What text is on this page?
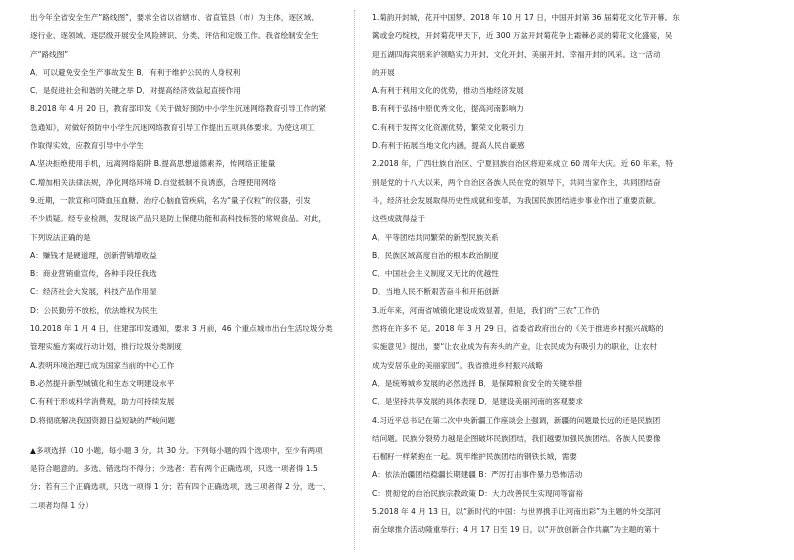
出今年全省安全生产“路线图”，要求全省以省辖市、省直管县（市）为主体，逐区域、
逐行业、逐领域、逐层级开展安全风险辨识、分类、评估和定级工作。我省绘制安全生
产“路线图”
A．可以避免安全生产事故发生 B．有利于维护公民的人身权利
C．是促进社会和谐的关键之举 D．对提高经济效益起直接作用
8.2018 年 4 月 20 日，教育部印发《关于做好预防中小学生沉迷网络教育引导工作的紧
急通知》，对做好预防中小学生沉迷网络教育引导工作提出五项具体要求。为使这项工
作取得实效，应教育引导中小学生
A.坚决拒绝使用手机，远离网络陷阱 B.提高思想道德素养，传网络正能量
C.增加相关法律法规，净化网络环境 D.自觉抵制不良诱惑，合理使用网络
9.近期，一款宣称可降血压血糖、治疗心脑血管疾病，名为“量子仪粒”的仪器，引发
不少质疑。经专业检测，发现该产品只是防上保健功能和高科技标签的常规食品。对此，
下列说法正确的是
A：赚钱才是硬道理，创新营销增收益
B：商业营销重宣传，各种手段任我选
C：经济社会大发展，科技产品作用显
D：公民勤劳不放松，依法维权为民生
10.2018 年 1 月 4 日，住建部印发通知，要求 3 月前，46 个重点城市出台生活垃圾分类
管理实施方案或行动计划，推行垃圾分类制度
A.表明环境治理已成为国家当前的中心工作
B.必然提升新型城镇化和生态文明建设水平
C.有利于形成科学消费观，助力可持续发展
D.将彻底解决我国资源日益短缺的严峻问题
▲多项选择（10 小题，每小题 3 分，共 30 分。下列每小题的四个选项中，至少有两项
是符合题意的。多选、错选均不得分；少选者：若有两个正确选项，只选一项者得 1.5
分；若有三个正确选项，只选一项得 1 分；若有四个正确选项，选三项者得 2 分，选一、
二项者均得 1 分）
1.菊韵开封城，花开中国梦。2018 年 10 月 17 日，中国开封第 36 届菊花文化节开幕。东
篱或金巧绽枝，开封菊花甲天下，近 300 万盆开封菊花争上霜棘必灵的菊花文化盛宴，吴
迎五湖四海宾朋来沪领略实力开封、文化开封、美丽开封、幸福开封的风采。这一活动
的开展
A.有利于利用文化的优势，推动当地经济发展
B.有利于弘扬中原优秀文化，提高河南影响力
C.有利于发挥文化资源优势，繁荣文化吸引力
D.有利于拓展当地文化内涵，提高人民自豪感
2.2018 年，广西壮族自治区、宁夏回族自治区将迎来成立 60 周年大庆。近 60 年来，特
别是党的十八大以来，两个自治区各族人民在党的领导下，共同当家作主，共同团结奋
斗，经济社会发展取得历史性成就和变革，为我国民族团结进步事业作出了重要贡献。
这些成就得益于
A．平等团结共同繁荣的新型民族关系
B．民族区域高度自治的根本政治制度
C．中国社会主义制度又无比的优越性
D．当地人民不断艰苦奋斗和开拓创新
3.近年来，河南省城镇化建设成效显著，但是，我们的“三农”工作仍
然将在许多不 足。2018 年 3 月 29 日，省委省政府出台的《关于推进乡村振兴战略的
实施意见》提出，要“让农业成为有奔头的产业，让农民成为有吸引力的职业，让农村
成为安居乐业的美丽家园”。我省推进乡村振兴战略
A．是统筹城乡发展的必然选择 B．是保障粮食安全的关键举措
C．是坚持共享发展的具体表现 D．是建设美丽河南的客观要求
4.习近平总书记在第二次中央新疆工作座谈会上强调，新疆的问题最长远的还是民族团
结问题。民族分裂势力越是企图破坏民族团结，我们越要加强民族团结。各族人民要像
石榴籽一样紧抱在一起。筑牢维护民族团结的钢铁长城，需要
A：依法治疆团结稳疆长期建疆 B：严厉打击事件暴力恐怖活动
C：贯彻党的自治民族宗教政策 D：大力改善民生实现同等富裕
5.2018 年 4 月 13 日，以“新时代的中国：与世界携手让河南出彩”为主题的外交部河
南全球推介活动隆重举行；4 月 17 日至 19 日，以“开放创新合作共赢”为主题的第十
